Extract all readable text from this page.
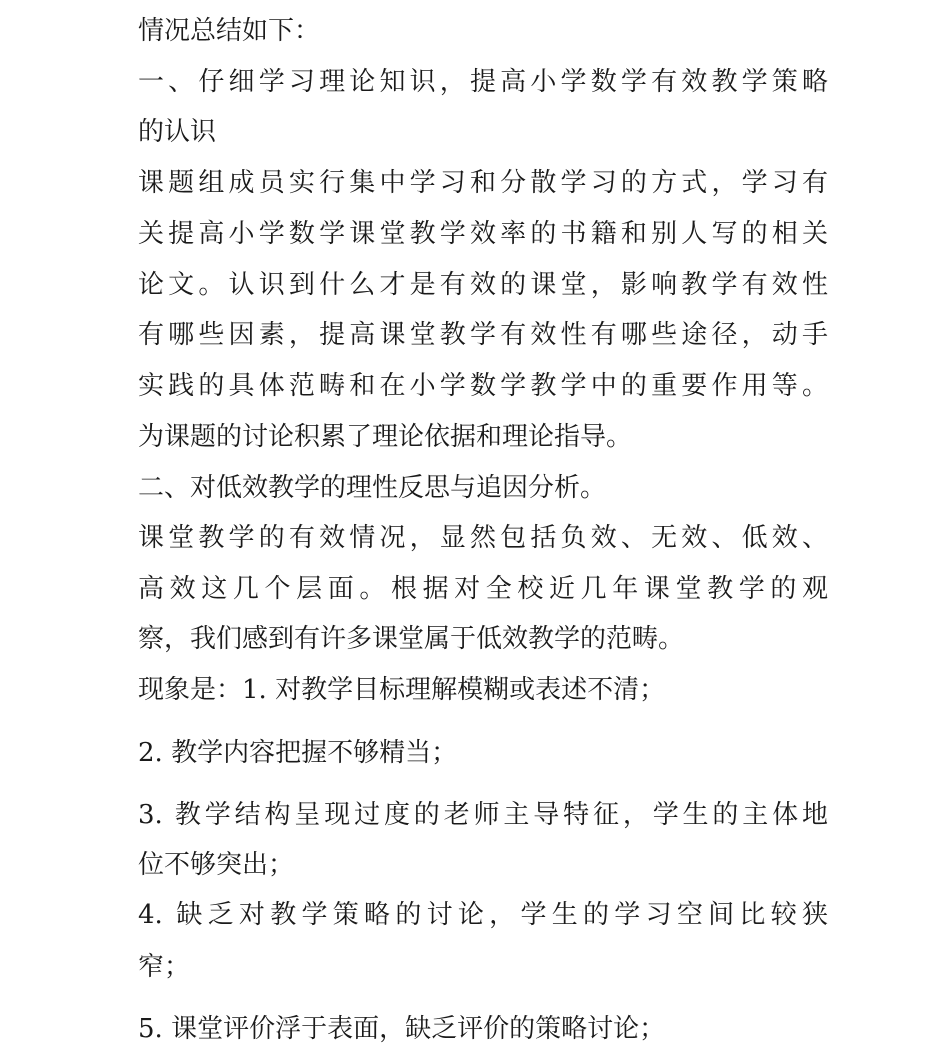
情况总结如下：
一、仔细学习理论知识，提高小学数学有效教学策略
的认识
课题组成员实行集中学习和分散学习的方式，学习有
关提高小学数学课堂教学效率的书籍和别人写的相关
论文。认识到什么才是有效的课堂，影响教学有效性
有哪些因素，提高课堂教学有效性有哪些途径，动手
实践的具体范畴和在小学数学教学中的重要作用等。
为课题的讨论积累了理论依据和理论指导。
二、对低效教学的理性反思与追因分析。
课堂教学的有效情况，显然包括负效、无效、低效、
高效这几个层面。根据对全校近几年课堂教学的观
察，我们感到有许多课堂属于低效教学的范畴。
现象是：1. 对教学目标理解模糊或表述不清；
2. 教学内容把握不够精当；
3. 教学结构呈现过度的老师主导特征，学生的主体地
位不够突出；
4. 缺乏对教学策略的讨论，学生的学习空间比较狭
窄；
5. 课堂评价浮于表面，缺乏评价的策略讨论；
